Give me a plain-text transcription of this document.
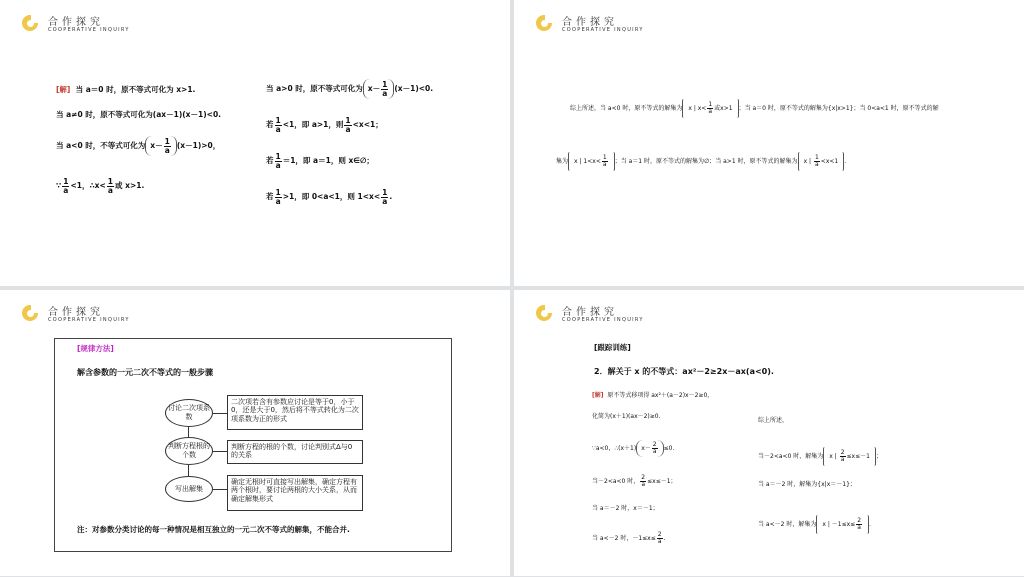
合作探究
COOPERATIVE INQUIRY
[解] 当 a＝0 时，原不等式可化为 x>1.
当 a≠0 时，原不等式可化为(ax－1)(x－1)<0.
当 a<0 时，不等式可化为 $x- \frac{1}{a} (x-1)>0$，
∵ $\frac{1}{a} <1$，∴x< $\frac{1}{a}$ 或 x>1.
当 a>0 时，原不等式可化为 $x- \frac{1}{a} (x-1)<0$.
若 $\frac{1}{a} <1$，即 a>1，则 $\frac{1}{a} <x<1$；
若 $\frac{1}{a} =1$，即 a＝1，则 x∈∅；
若 $\frac{1}{a} >1$，即 0<a<1，则 $1<x< \frac{1}{a}$ .
合作探究
COOPERATIVE INQUIRY
综上所述，当 a<0 时，原不等式的解集为 x | $x< \frac{1}{a}$ 或x>1 ；当 a＝0 时，原不等式的解集为{x|x>1}；当 0<a<1 时，原不等式的解
集为 x | $1<x< \frac{1}{a}$ ；当 a＝1 时，原不等式的解集为∅；当 a>1 时，原不等式的解集为 x | $\frac{1}{a} <x<1$ .
合作探究
COOPERATIVE INQUIRY
[规律方法]
解含参数的一元二次不等式的一般步骤
讨论二次项系数
判断方程根的个数
写出解集
二次项若含有参数应讨论是等于0，小于0，还是大于0，然后将不等式转化为二次项系数为正的形式
判断方程的根的个数，讨论判别式Δ与0的关系
确定无根时可直接写出解集，确定方程有两个根时，要讨论两根的大小关系，从而确定解集形式
注：对参数分类讨论的每一种情况是相互独立的一元二次不等式的解集，不能合并.
合作探究
COOPERATIVE INQUIRY
[跟踪训练]
2．解关于 x 的不等式：ax²－2≥2x－ax(a<0).
[解] 原不等式移项得 ax²＋(a－2)x－2≥0，
化简为(x＋1)(ax－2)≥0.
∵a<0，∴(x＋1) $x- \frac{2}{a} \le 0$.
当－2<a<0 时， $\frac{2}{a} \le x\le-1$；
当 a＝－2 时，x＝－1；
当 a<－2 时，$-1\le x\le \frac{2}{a}$ .
综上所述，
当－2<a<0 时，解集为 x | $\frac{2}{a} \le x\le-1$ ；
当 a＝－2 时，解集为{x|x＝－1}；
当 a<－2 时，解集为 x | $-1\le x\le \frac{2}{a}$ .
